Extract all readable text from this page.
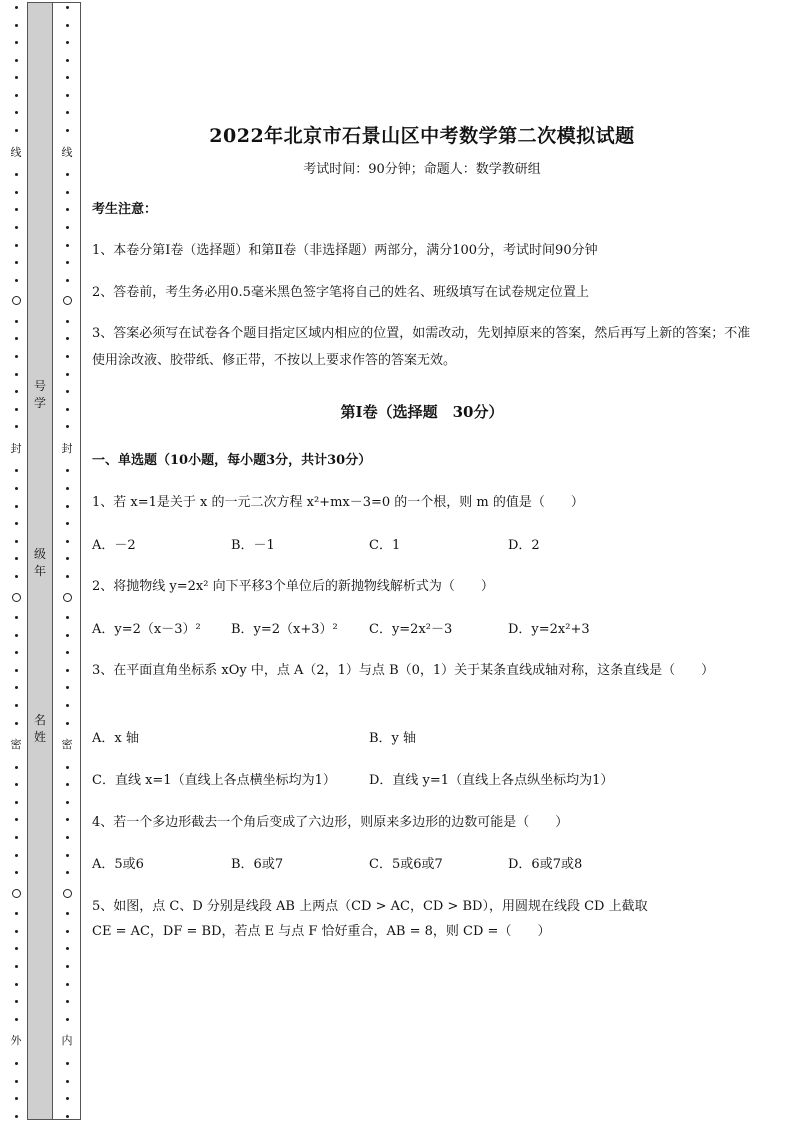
线
封
密
外
线
封
密
内
号
学
级
年
名
姓
2022年北京市石景山区中考数学第二次模拟试题
考试时间：90分钟；命题人：数学教研组
考生注意：
1、本卷分第Ⅰ卷（选择题）和第Ⅱ卷（非选择题）两部分，满分100分，考试时间90分钟
2、答卷前，考生务必用0.5毫米黑色签字笔将自己的姓名、班级填写在试卷规定位置上
3、答案必须写在试卷各个题目指定区域内相应的位置，如需改动，先划掉原来的答案，然后再写上新的答案；不准使用涂改液、胶带纸、修正带，不按以上要求作答的答案无效。
第Ⅰ卷（选择题　30分）
一、单选题（10小题，每小题3分，共计30分）
1、若 x=1是关于 x 的一元二次方程 x²+mx－3=0 的一个根，则 m 的值是（　　）
A．－2	B．－1	C．1	D．2
2、将抛物线 y=2x² 向下平移3个单位后的新抛物线解析式为（　　）
A．y=2（x－3）² B．y=2（x+3）² C．y=2x²－3	D．y=2x²+3
3、在平面直角坐标系 xOy 中，点 A（2，1）与点 B（0，1）关于某条直线成轴对称，这条直线是（　　）
A．x 轴	B．y 轴
C．直线 x=1（直线上各点横坐标均为1）	D．直线 y=1（直线上各点纵坐标均为1）
4、若一个多边形截去一个角后变成了六边形，则原来多边形的边数可能是（　　）
A．5或6	B．6或7	C．5或6或7	D．6或7或8
5、如图，点 C、D 分别是线段 AB 上两点（CD > AC，CD > BD），用圆规在线段 CD 上截取
CE = AC，DF = BD，若点 E 与点 F 恰好重合，AB = 8，则 CD =（　　）
